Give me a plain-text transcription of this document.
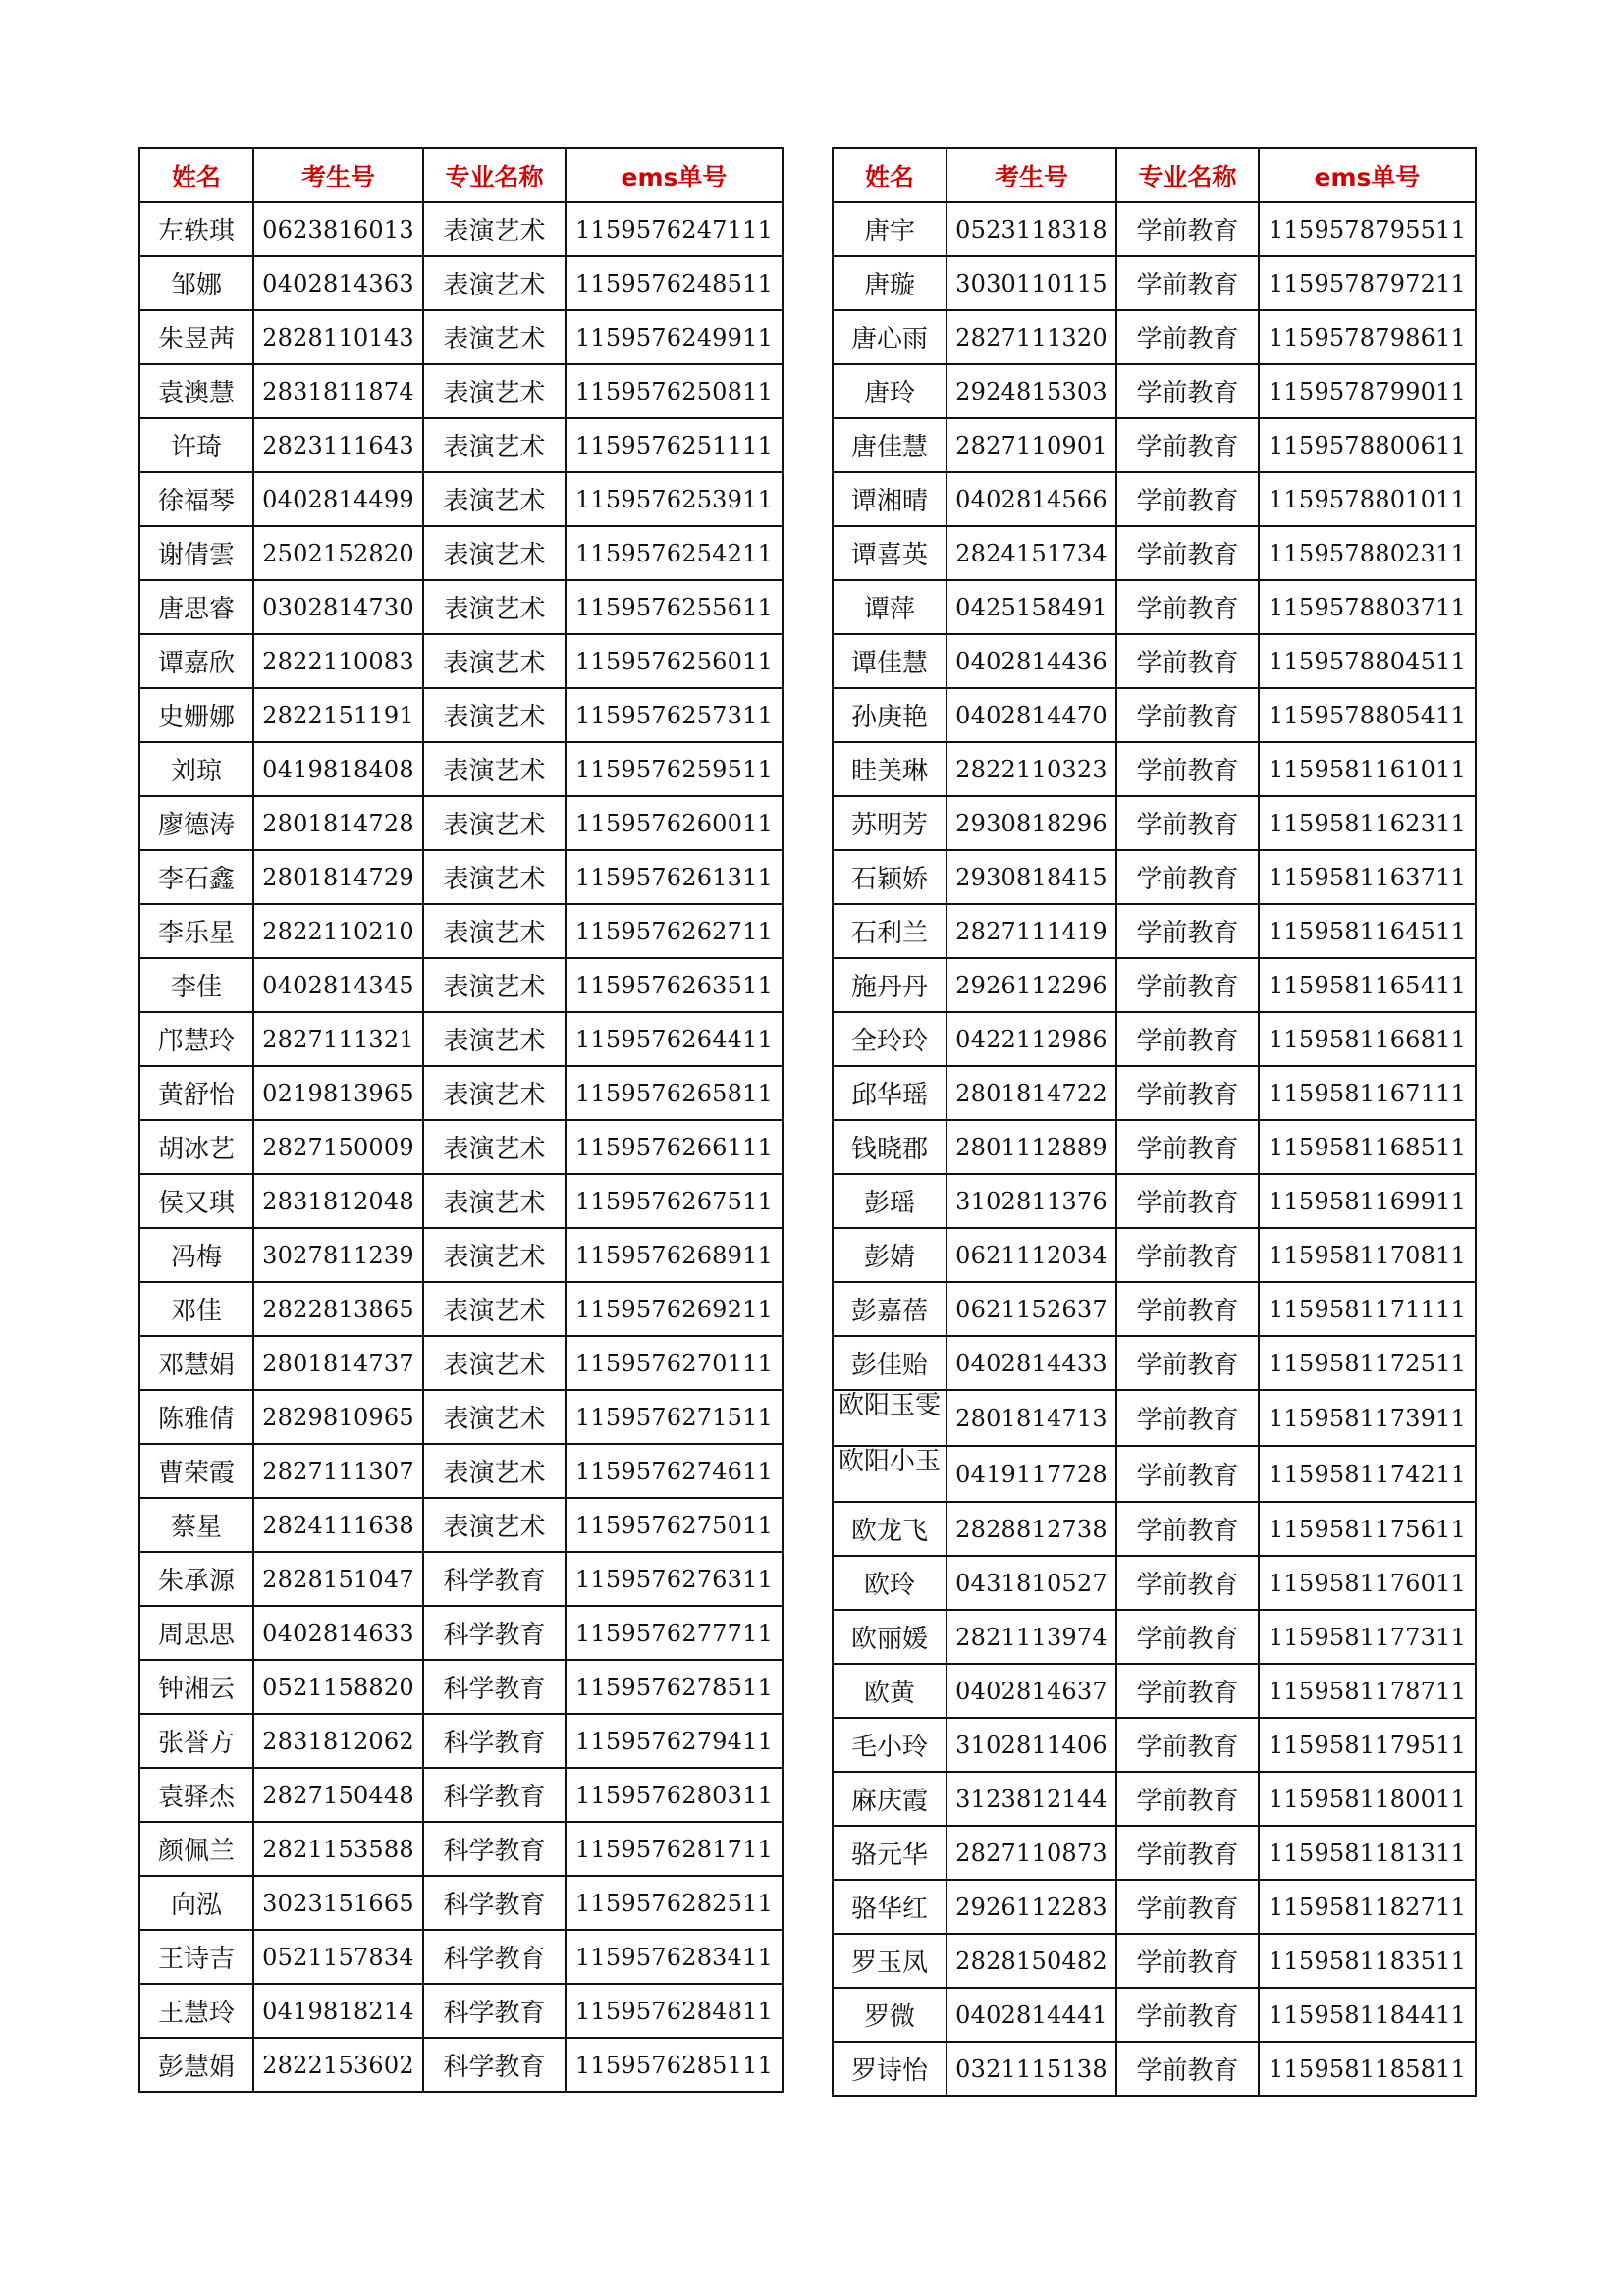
姓名	考生号	专业名称	ems单号
左轶琪	0623816013	表演艺术	1159576247111
邹娜	0402814363	表演艺术	1159576248511
朱昱茜	2828110143	表演艺术	1159576249911
袁澳慧	2831811874	表演艺术	1159576250811
许琦	2823111643	表演艺术	1159576251111
徐福琴	0402814499	表演艺术	1159576253911
谢倩雲	2502152820	表演艺术	1159576254211
唐思睿	0302814730	表演艺术	1159576255611
谭嘉欣	2822110083	表演艺术	1159576256011
史姗娜	2822151191	表演艺术	1159576257311
刘琼	0419818408	表演艺术	1159576259511
廖德涛	2801814728	表演艺术	1159576260011
李石鑫	2801814729	表演艺术	1159576261311
李乐星	2822110210	表演艺术	1159576262711
李佳	0402814345	表演艺术	1159576263511
邝慧玲	2827111321	表演艺术	1159576264411
黄舒怡	0219813965	表演艺术	1159576265811
胡冰艺	2827150009	表演艺术	1159576266111
侯又琪	2831812048	表演艺术	1159576267511
冯梅	3027811239	表演艺术	1159576268911
邓佳	2822813865	表演艺术	1159576269211
邓慧娟	2801814737	表演艺术	1159576270111
陈雅倩	2829810965	表演艺术	1159576271511
曹荣霞	2827111307	表演艺术	1159576274611
蔡星	2824111638	表演艺术	1159576275011
朱承源	2828151047	科学教育	1159576276311
周思思	0402814633	科学教育	1159576277711
钟湘云	0521158820	科学教育	1159576278511
张誉方	2831812062	科学教育	1159576279411
袁驿杰	2827150448	科学教育	1159576280311
颜佩兰	2821153588	科学教育	1159576281711
向泓	3023151665	科学教育	1159576282511
王诗吉	0521157834	科学教育	1159576283411
王慧玲	0419818214	科学教育	1159576284811
彭慧娟	2822153602	科学教育	1159576285111
姓名	考生号	专业名称	ems单号
唐宇	0523118318	学前教育	1159578795511
唐璇	3030110115	学前教育	1159578797211
唐心雨	2827111320	学前教育	1159578798611
唐玲	2924815303	学前教育	1159578799011
唐佳慧	2827110901	学前教育	1159578800611
谭湘晴	0402814566	学前教育	1159578801011
谭喜英	2824151734	学前教育	1159578802311
谭萍	0425158491	学前教育	1159578803711
谭佳慧	0402814436	学前教育	1159578804511
孙庚艳	0402814470	学前教育	1159578805411
眭美琳	2822110323	学前教育	1159581161011
苏明芳	2930818296	学前教育	1159581162311
石颖娇	2930818415	学前教育	1159581163711
石利兰	2827111419	学前教育	1159581164511
施丹丹	2926112296	学前教育	1159581165411
全玲玲	0422112986	学前教育	1159581166811
邱华瑶	2801814722	学前教育	1159581167111
钱晓郡	2801112889	学前教育	1159581168511
彭瑶	3102811376	学前教育	1159581169911
彭婧	0621112034	学前教育	1159581170811
彭嘉蓓	0621152637	学前教育	1159581171111
彭佳贻	0402814433	学前教育	1159581172511
欧阳玉雯	2801814713	学前教育	1159581173911
欧阳小玉	0419117728	学前教育	1159581174211
欧龙飞	2828812738	学前教育	1159581175611
欧玲	0431810527	学前教育	1159581176011
欧丽媛	2821113974	学前教育	1159581177311
欧黄	0402814637	学前教育	1159581178711
毛小玲	3102811406	学前教育	1159581179511
麻庆霞	3123812144	学前教育	1159581180011
骆元华	2827110873	学前教育	1159581181311
骆华红	2926112283	学前教育	1159581182711
罗玉凤	2828150482	学前教育	1159581183511
罗微	0402814441	学前教育	1159581184411
罗诗怡	0321115138	学前教育	1159581185811
